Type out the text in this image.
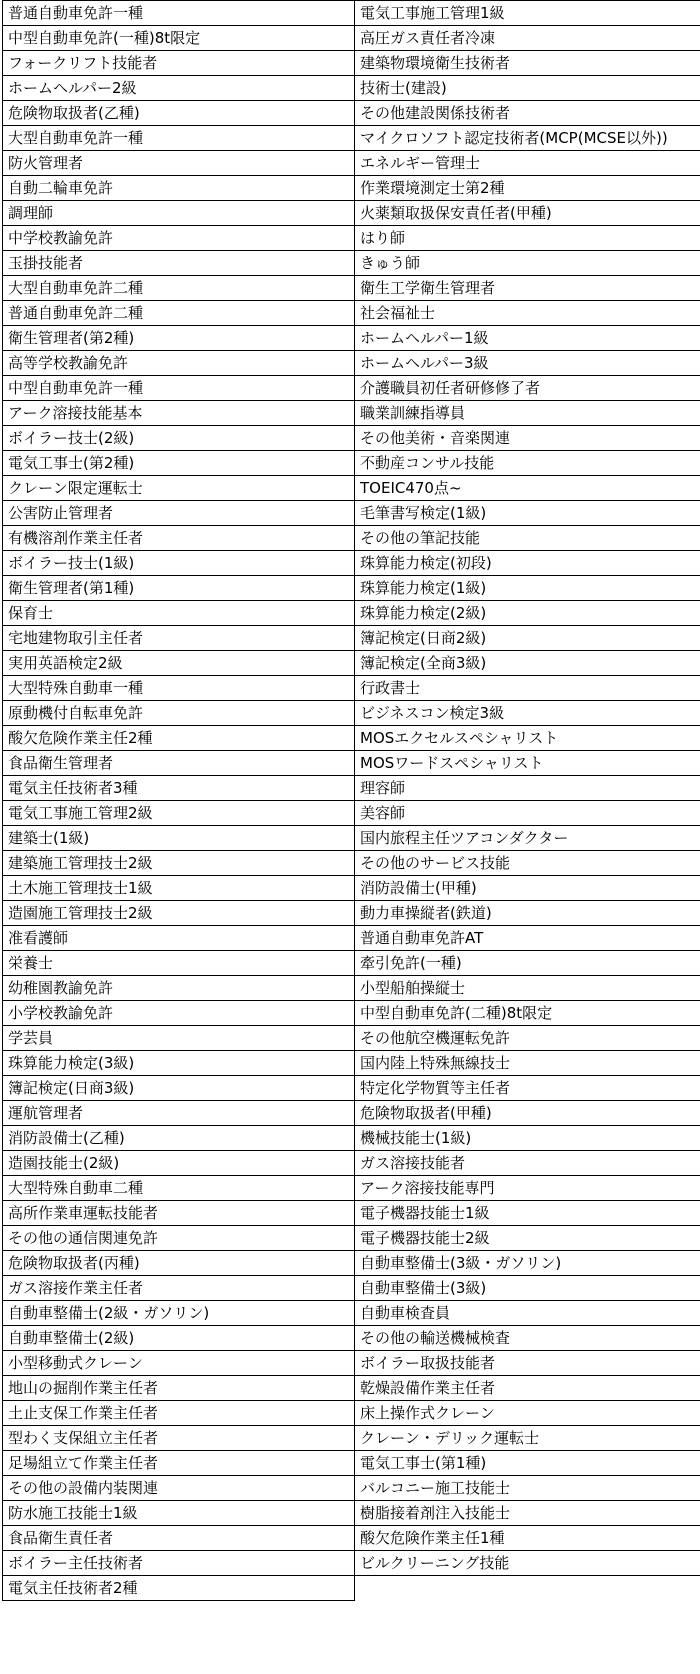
普通自動車免許一種	電気工事施工管理1級
中型自動車免許(一種)8t限定	高圧ガス責任者冷凍
フォークリフト技能者	建築物環境衛生技術者
ホームヘルパー2級	技術士(建設)
危険物取扱者(乙種)	その他建設関係技術者
大型自動車免許一種	マイクロソフト認定技術者(MCP(MCSE以外))
防火管理者	エネルギー管理士
自動二輪車免許	作業環境測定士第2種
調理師	火薬類取扱保安責任者(甲種)
中学校教諭免許	はり師
玉掛技能者	きゅう師
大型自動車免許二種	衛生工学衛生管理者
普通自動車免許二種	社会福祉士
衛生管理者(第2種)	ホームヘルパー1級
高等学校教諭免許	ホームヘルパー3級
中型自動車免許一種	介護職員初任者研修修了者
アーク溶接技能基本	職業訓練指導員
ボイラー技士(2級)	その他美術・音楽関連
電気工事士(第2種)	不動産コンサル技能
クレーン限定運転士	TOEIC470点~
公害防止管理者	毛筆書写検定(1級)
有機溶剤作業主任者	その他の筆記技能
ボイラー技士(1級)	珠算能力検定(初段)
衛生管理者(第1種)	珠算能力検定(1級)
保育士	珠算能力検定(2級)
宅地建物取引主任者	簿記検定(日商2級)
実用英語検定2級	簿記検定(全商3級)
大型特殊自動車一種	行政書士
原動機付自転車免許	ビジネスコン検定3級
酸欠危険作業主任2種	MOSエクセルスペシャリスト
食品衛生管理者	MOSワードスペシャリスト
電気主任技術者3種	理容師
電気工事施工管理2級	美容師
建築士(1級)	国内旅程主任ツアコンダクター
建築施工管理技士2級	その他のサービス技能
土木施工管理技士1級	消防設備士(甲種)
造園施工管理技士2級	動力車操縦者(鉄道)
准看護師	普通自動車免許AT
栄養士	牽引免許(一種)
幼稚園教諭免許	小型船舶操縦士
小学校教諭免許	中型自動車免許(二種)8t限定
学芸員	その他航空機運転免許
珠算能力検定(3級)	国内陸上特殊無線技士
簿記検定(日商3級)	特定化学物質等主任者
運航管理者	危険物取扱者(甲種)
消防設備士(乙種)	機械技能士(1級)
造園技能士(2級)	ガス溶接技能者
大型特殊自動車二種	アーク溶接技能専門
高所作業車運転技能者	電子機器技能士1級
その他の通信関連免許	電子機器技能士2級
危険物取扱者(丙種)	自動車整備士(3級・ガソリン)
ガス溶接作業主任者	自動車整備士(3級)
自動車整備士(2級・ガソリン)	自動車検査員
自動車整備士(2級)	その他の輸送機械検査
小型移動式クレーン	ボイラー取扱技能者
地山の掘削作業主任者	乾燥設備作業主任者
土止支保工作業主任者	床上操作式クレーン
型わく支保組立主任者	クレーン・デリック運転士
足場組立て作業主任者	電気工事士(第1種)
その他の設備内装関連	バルコニー施工技能士
防水施工技能士1級	樹脂接着剤注入技能士
食品衛生責任者	酸欠危険作業主任1種
ボイラー主任技術者	ビルクリーニング技能
電気主任技術者2種	
